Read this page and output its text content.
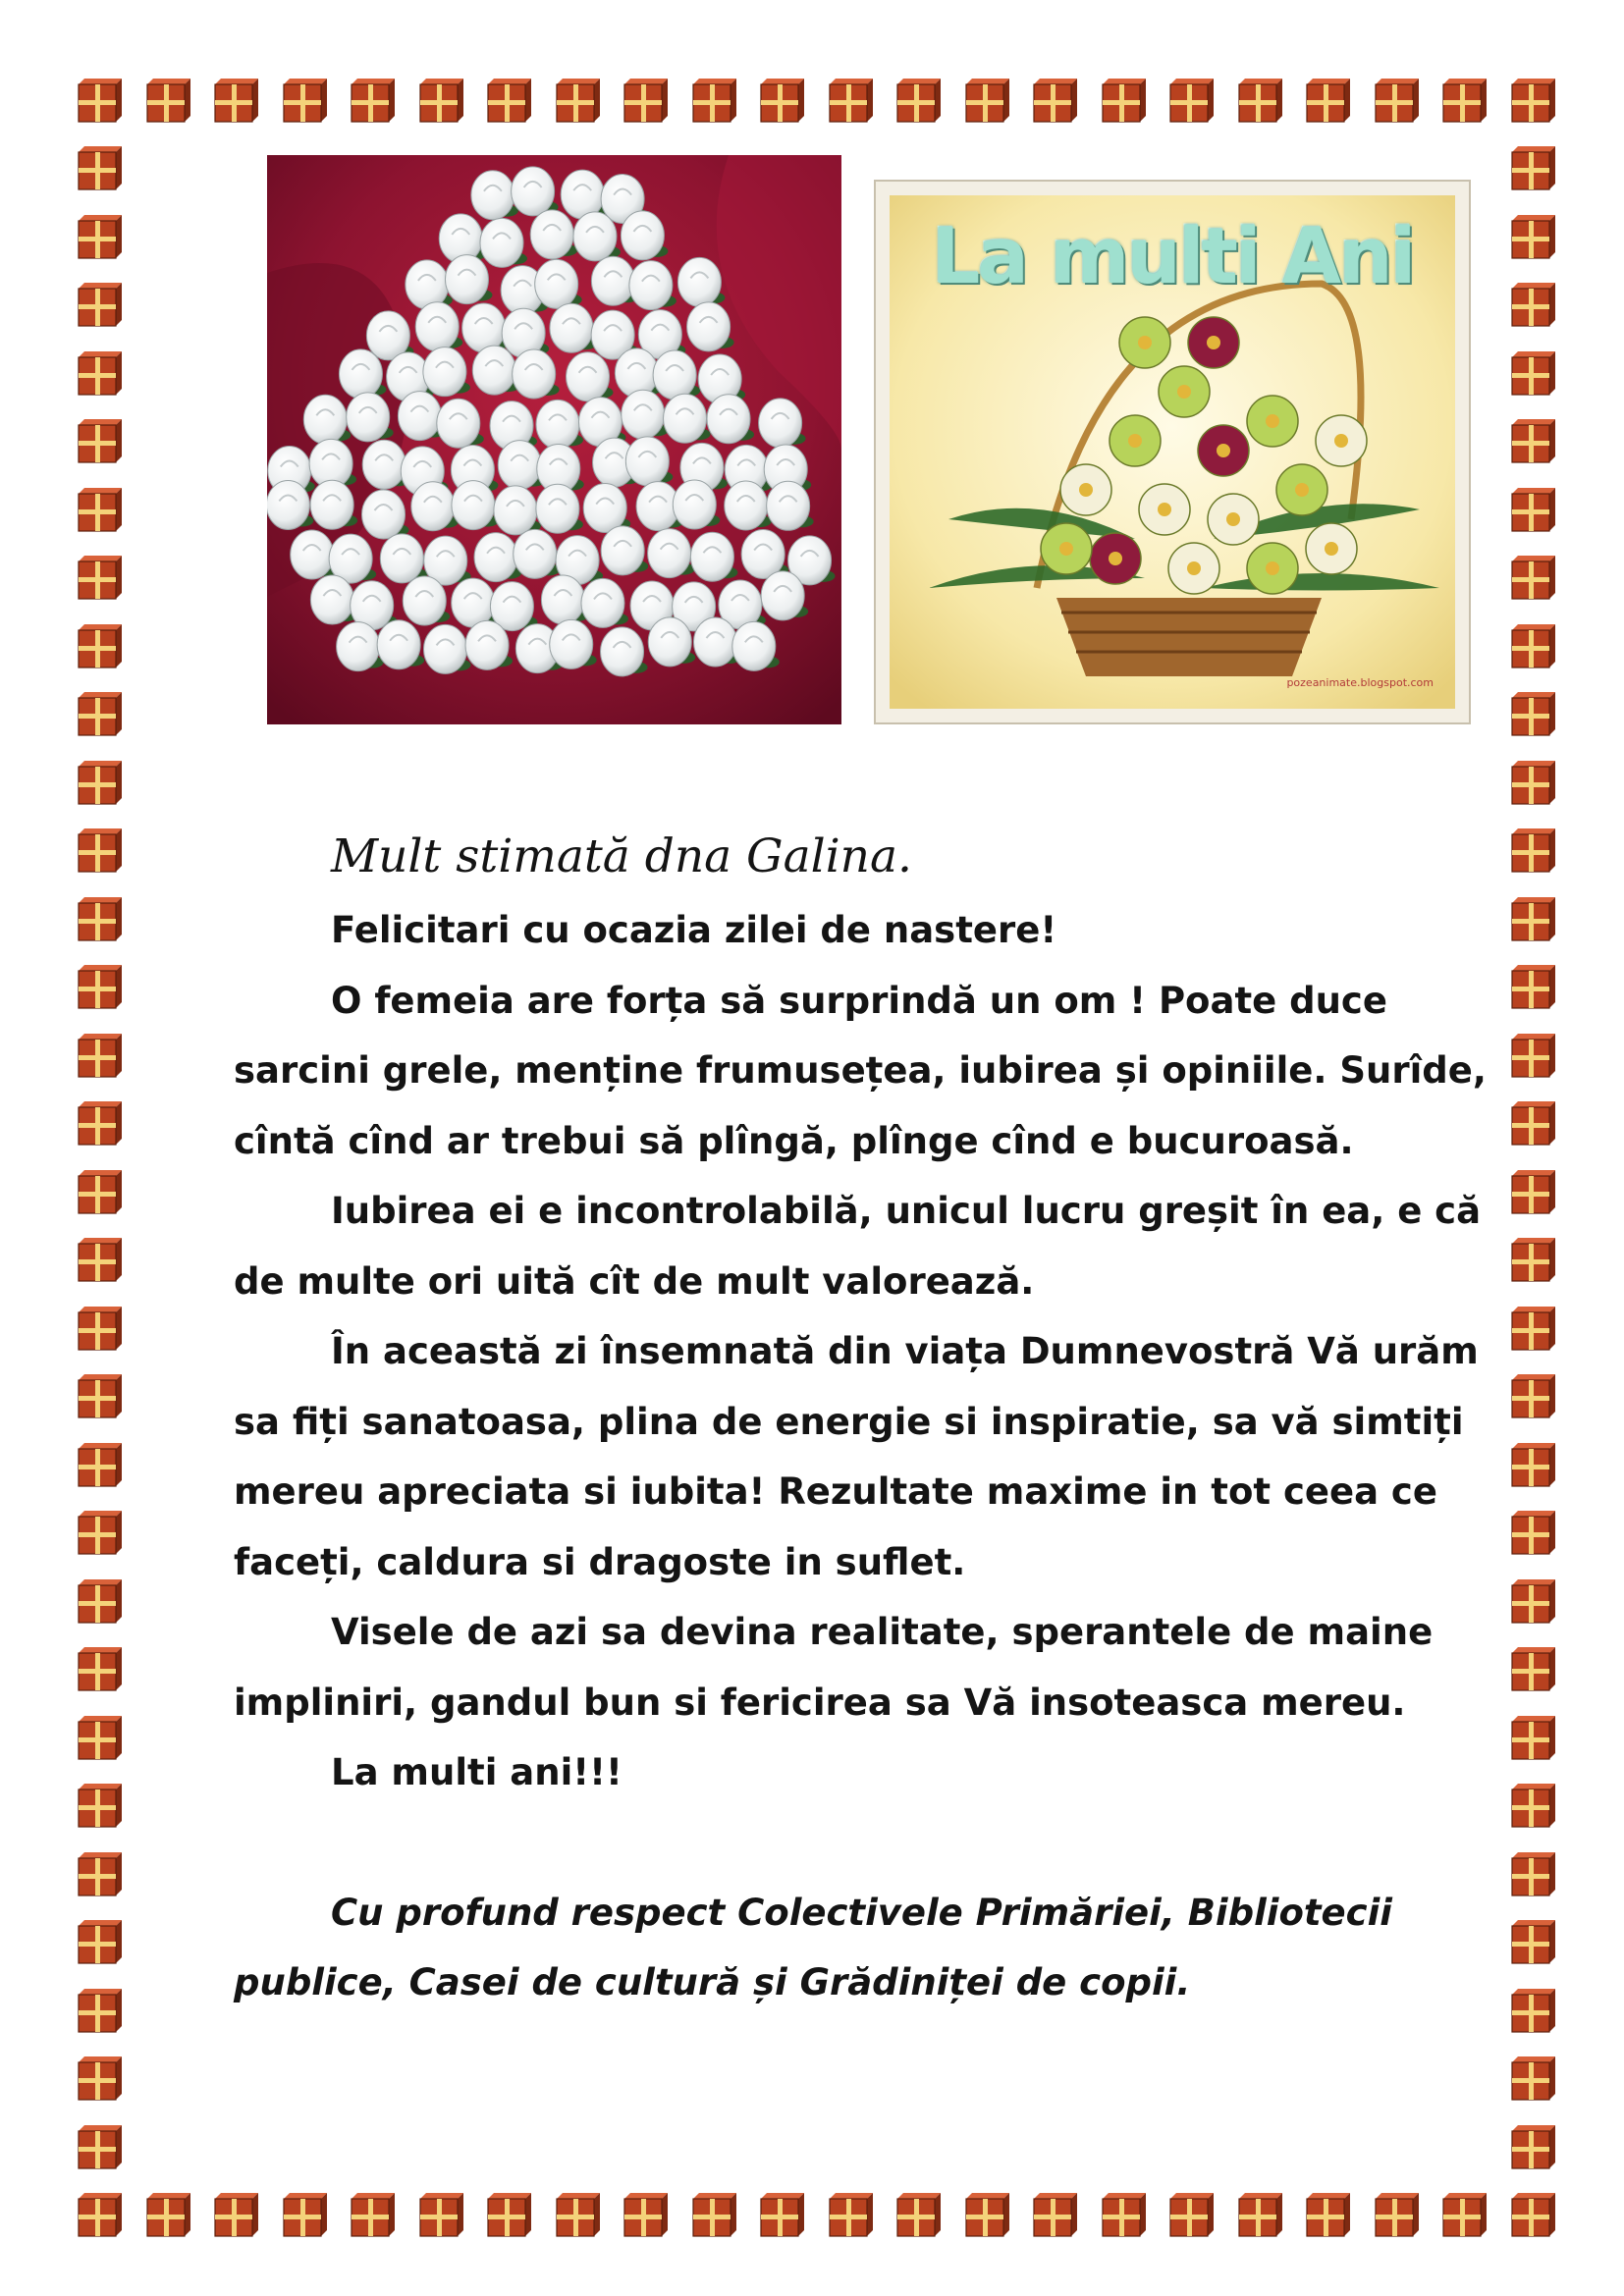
La multi Ani
pozeanimate.blogspot.com

Mult stimată dna Galina.

Felicitari cu ocazia zilei de nastere!

O femeia are forța să surprindă un om ! Poate duce sarcini grele, menține frumusețea, iubirea și opiniile. Surîde, cîntă cînd ar trebui să plîngă, plînge cînd e bucuroasă.

Iubirea ei e incontrolabilă, unicul lucru greșit în ea, e că de multe ori uită cît de mult valorează.

În această zi însemnată din viața Dumnevostră Vă urăm sa fiți sanatoasa, plina de energie si inspiratie, sa vă simtiți mereu apreciata si iubita! Rezultate maxime in tot ceea ce faceți, caldura si dragoste in suflet.

Visele de azi sa devina realitate, sperantele de maine impliniri, gandul bun si fericirea sa Vă insoteasca mereu.

La multi ani!!!

Cu profund respect Colectivele Primăriei, Bibliotecii publice, Casei de cultură și Grădiniței de copii.
